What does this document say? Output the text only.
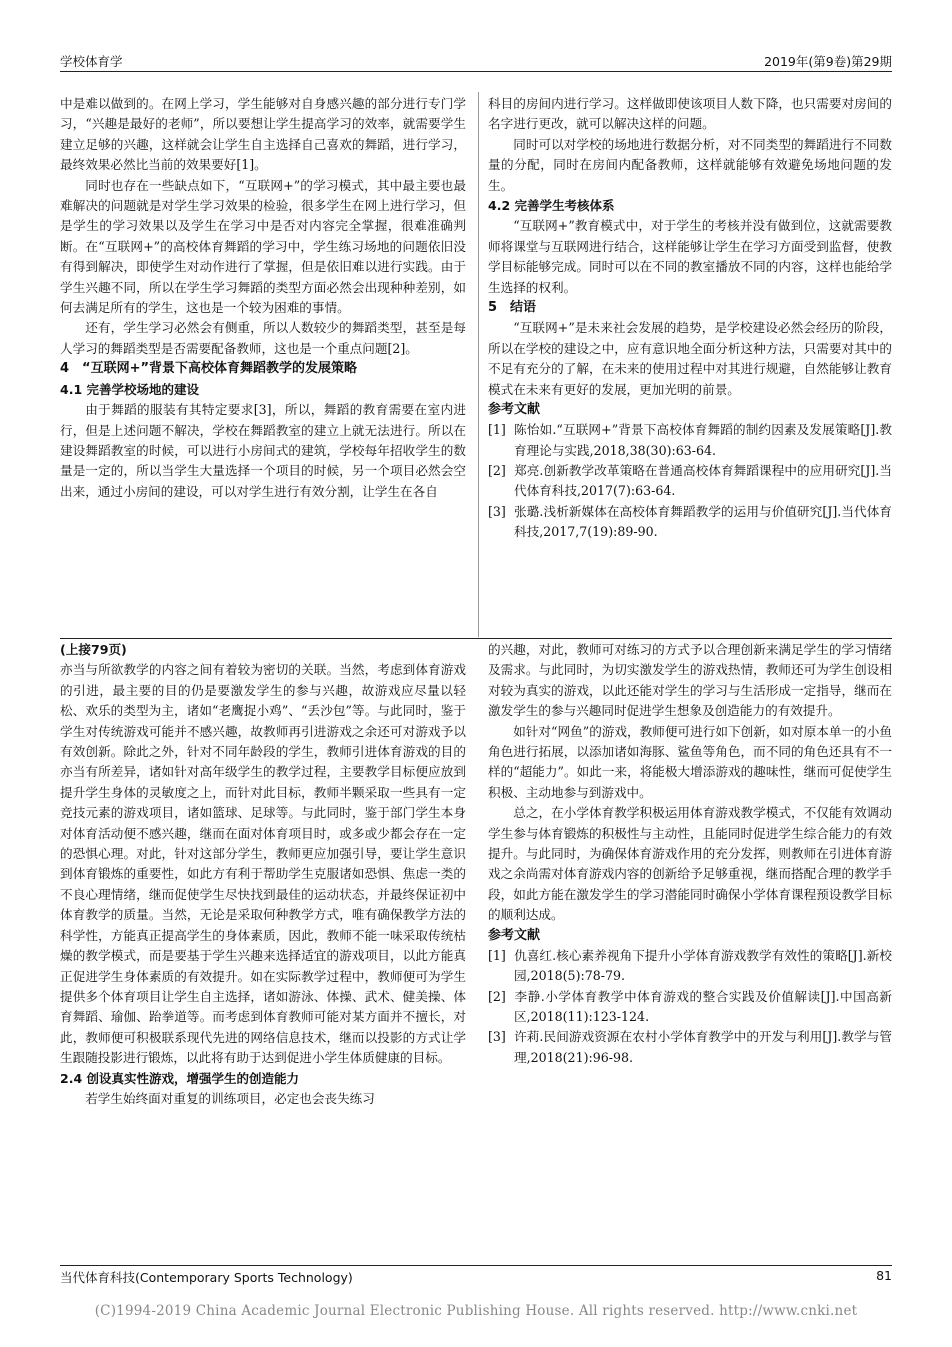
学校体育学	2019年(第9卷)第29期

中是难以做到的。在网上学习，学生能够对自身感兴趣的部分进行专门学习，“兴趣是最好的老师”，所以要想让学生提高学习的效率，就需要学生建立足够的兴趣，这样就会让学生自主选择自己喜欢的舞蹈，进行学习，最终效果必然比当前的效果要好[1]。

同时也存在一些缺点如下，“互联网+”的学习模式，其中最主要也最难解决的问题就是对学生学习效果的检验，很多学生在网上进行学习，但是学生的学习效果以及学生在学习中是否对内容完全掌握，很难准确判断。在“互联网+”的高校体育舞蹈的学习中，学生练习场地的问题依旧没有得到解决，即使学生对动作进行了掌握，但是依旧难以进行实践。由于学生兴趣不同，所以在学生学习舞蹈的类型方面必然会出现种种差别，如何去满足所有的学生，这也是一个较为困难的事情。

还有，学生学习必然会有侧重，所以人数较少的舞蹈类型，甚至是每人学习的舞蹈类型是否需要配备教师，这也是一个重点问题[2]。

4　“互联网+”背景下高校体育舞蹈教学的发展策略

4.1 完善学校场地的建设

由于舞蹈的服装有其特定要求[3]，所以，舞蹈的教育需要在室内进行，但是上述问题不解决，学校在舞蹈教室的建立上就无法进行。所以在建设舞蹈教室的时候，可以进行小房间式的建筑，学校每年招收学生的数量是一定的，所以当学生大量选择一个项目的时候，另一个项目必然会空出来，通过小房间的建设，可以对学生进行有效分割，让学生在各自

科目的房间内进行学习。这样做即使该项目人数下降，也只需要对房间的名字进行更改，就可以解决这样的问题。

同时可以对学校的场地进行数据分析，对不同类型的舞蹈进行不同数量的分配，同时在房间内配备教师，这样就能够有效避免场地问题的发生。

4.2 完善学生考核体系

“互联网+”教育模式中，对于学生的考核并没有做到位，这就需要教师将课堂与互联网进行结合，这样能够让学生在学习方面受到监督，使教学目标能够完成。同时可以在不同的教室播放不同的内容，这样也能给学生选择的权利。

5　结语

“互联网+”是未来社会发展的趋势，是学校建设必然会经历的阶段，所以在学校的建设之中，应有意识地全面分析这种方法，只需要对其中的不足有充分的了解，在未来的使用过程中对其进行规避，自然能够让教育模式在未来有更好的发展，更加光明的前景。

参考文献

[1] 陈怡如.“互联网+”背景下高校体育舞蹈的制约因素及发展策略[J].教育理论与实践,2018,38(30):63-64.

[2] 郑亮.创新教学改革策略在普通高校体育舞蹈课程中的应用研究[J].当代体育科技,2017(7):63-64.

[3] 张璐.浅析新媒体在高校体育舞蹈教学的运用与价值研究[J].当代体育科技,2017,7(19):89-90.

(上接79页)

亦当与所欲教学的内容之间有着较为密切的关联。当然，考虑到体育游戏的引进，最主要的目的仍是要激发学生的参与兴趣，故游戏应尽量以轻松、欢乐的类型为主，诸如“老鹰捉小鸡”、“丢沙包”等。与此同时，鉴于学生对传统游戏可能并不感兴趣，故教师再引进游戏之余还可对游戏予以有效创新。除此之外，针对不同年龄段的学生，教师引进体育游戏的目的亦当有所差异，诸如针对高年级学生的教学过程，主要教学目标便应放到提升学生身体的灵敏度之上，而针对此目标，教师半颗采取一些具有一定竞技元素的游戏项目，诸如篮球、足球等。与此同时，鉴于部门学生本身对体育活动便不感兴趣，继而在面对体育项目时，或多或少都会存在一定的恐惧心理。对此，针对这部分学生，教师更应加强引导，要让学生意识到体育锻炼的重要性，如此方有利于帮助学生克服诸如恐惧、焦虑一类的不良心理情绪，继而促使学生尽快找到最佳的运动状态，并最终保证初中体育教学的质量。当然，无论是采取何种教学方式，唯有确保教学方法的科学性，方能真正提高学生的身体素质，因此，教师不能一味采取传统枯燥的教学模式，而是要基于学生兴趣来选择适宜的游戏项目，以此方能真正促进学生身体素质的有效提升。如在实际教学过程中，教师便可为学生提供多个体育项目让学生自主选择，诸如游泳、体操、武术、健美操、体育舞蹈、瑜伽、跆拳道等。而考虑到体育教师可能对某方面并不擅长，对此，教师便可积极联系现代先进的网络信息技术，继而以投影的方式让学生跟随投影进行锻炼，以此将有助于达到促进小学生体质健康的目标。

2.4 创设真实性游戏，增强学生的创造能力

若学生始终面对重复的训练项目，必定也会丧失练习

的兴趣，对此，教师可对练习的方式予以合理创新来满足学生的学习情绪及需求。与此同时，为切实激发学生的游戏热情，教师还可为学生创设相对较为真实的游戏，以此还能对学生的学习与生活形成一定指导，继而在激发学生的参与兴趣同时促进学生想象及创造能力的有效提升。

如针对“网鱼”的游戏，教师便可进行如下创新，如对原本单一的小鱼角色进行拓展，以添加诸如海豚、鲨鱼等角色，而不同的角色还具有不一样的“超能力”。如此一来，将能极大增添游戏的趣味性，继而可促使学生积极、主动地参与到游戏中。

总之，在小学体育教学积极运用体育游戏教学模式，不仅能有效调动学生参与体育锻炼的积极性与主动性，且能同时促进学生综合能力的有效提升。与此同时，为确保体育游戏作用的充分发挥，则教师在引进体育游戏之余尚需对体育游戏内容的创新给予足够重视，继而搭配合理的教学手段，如此方能在激发学生的学习潜能同时确保小学体育课程预设教学目标的顺利达成。

参考文献

[1] 仇喜红.核心素养视角下提升小学体育游戏教学有效性的策略[J].新校园,2018(5):78-79.

[2] 李静.小学体育教学中体育游戏的整合实践及价值解读[J].中国高新区,2018(11):123-124.

[3] 许莉.民间游戏资源在农村小学体育教学中的开发与利用[J].教学与管理,2018(21):96-98.

当代体育科技(Contemporary Sports Technology)	81
(C)1994-2019 China Academic Journal Electronic Publishing House. All rights reserved. http://www.cnki.net
